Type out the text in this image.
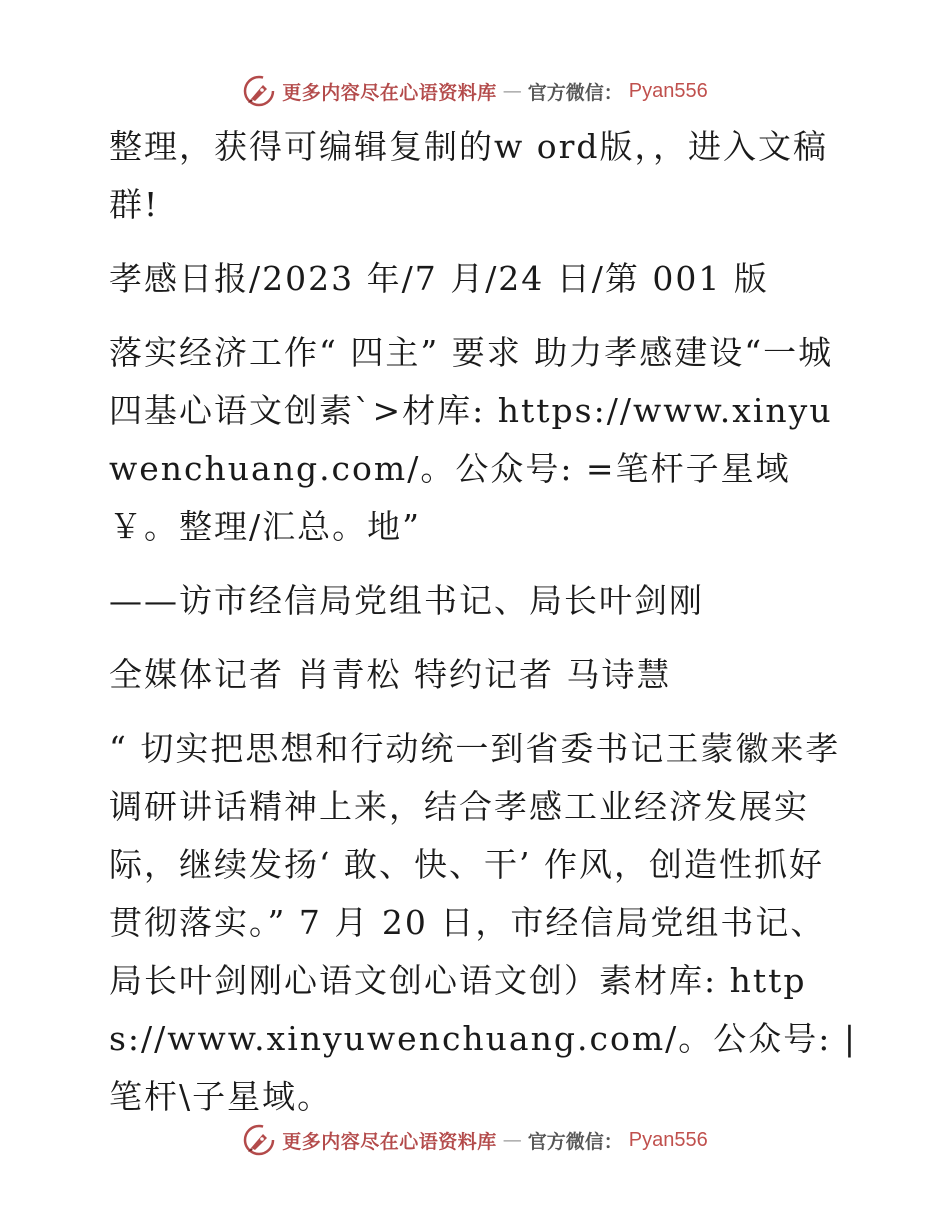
更多内容尽在心语资料库 — 官方微信： Pyan556

整理，获得可编辑复制的w ord版，，进入文稿群!

孝感日报/2023 年/7 月/24 日/第 001 版

落实经济工作“ 四主” 要求 助力孝感建设“一城四基心语文创素`>材库: https://www.xinyuwenchuang.com/。公众号: =笔杆子星域￥。整理/汇总。地”

——访市经信局党组书记、局长叶剑刚

全媒体记者 肖青松 特约记者 马诗慧

“ 切实把思想和行动统一到省委书记王蒙徽来孝调研讲话精神上来，结合孝感工业经济发展实际，继续发扬‘ 敢、快、干’ 作风，创造性抓好贯彻落实。” 7 月 20 日，市经信局党组书记、局长叶剑刚心语文创心语文创）素材库: https://www.xinyuwenchuang.com/。公众号: |笔杆\子星域。

更多内容尽在心语资料库 — 官方微信： Pyan556
